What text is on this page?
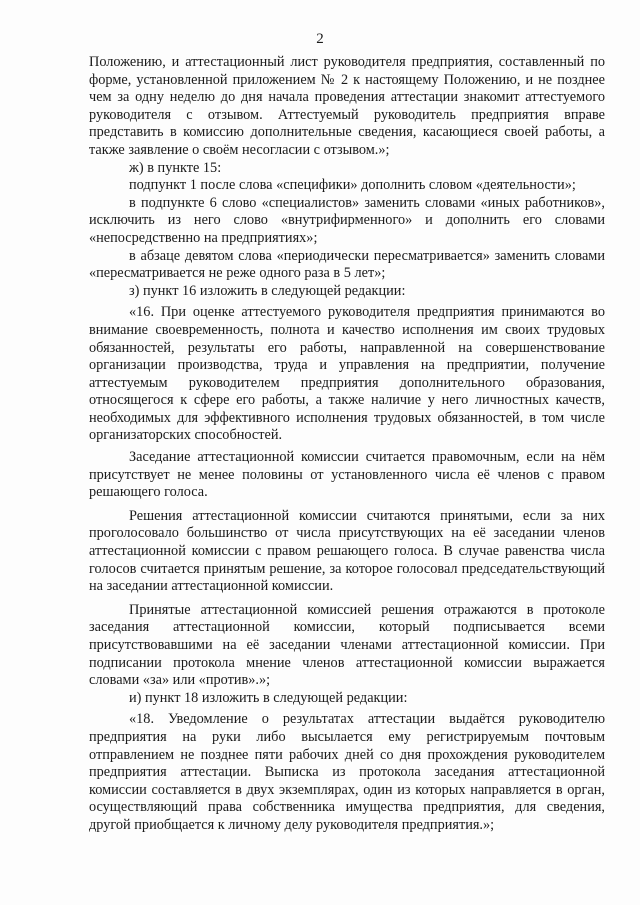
2

Положению, и аттестационный лист руководителя предприятия, составленный по форме, установленной приложением № 2 к настоящему Положению, и не позднее чем за одну неделю до дня начала проведения аттестации знакомит аттестуемого руководителя с отзывом. Аттестуемый руководитель предприятия вправе представить в комиссию дополнительные сведения, касающиеся своей работы, а также заявление о своём несогласии с отзывом.»;

ж) в пункте 15:

подпункт 1 после слова «специфики» дополнить словом «деятельности»;

в подпункте 6 слово «специалистов» заменить словами «иных работников», исключить из него слово «внутрифирменного» и дополнить его словами «непосредственно на предприятиях»;

в абзаце девятом слова «периодически пересматривается» заменить словами «пересматривается не реже одного раза в 5 лет»;

з) пункт 16 изложить в следующей редакции:

«16. При оценке аттестуемого руководителя предприятия принимаются во внимание своевременность, полнота и качество исполнения им своих трудовых обязанностей, результаты его работы, направленной на совершенствование организации производства, труда и управления на предприятии, получение аттестуемым руководителем предприятия дополнительного образования, относящегося к сфере его работы, а также наличие у него личностных качеств, необходимых для эффективного исполнения трудовых обязанностей, в том числе организаторских способностей.

Заседание аттестационной комиссии считается правомочным, если на нём присутствует не менее половины от установленного числа её членов с правом решающего голоса.

Решения аттестационной комиссии считаются принятыми, если за них проголосовало большинство от числа присутствующих на её заседании членов аттестационной комиссии с правом решающего голоса. В случае равенства числа голосов считается принятым решение, за которое голосовал председательствующий на заседании аттестационной комиссии.

Принятые аттестационной комиссией решения отражаются в протоколе заседания аттестационной комиссии, который подписывается всеми присутствовавшими на её заседании членами аттестационной комиссии. При подписании протокола мнение членов аттестационной комиссии выражается словами «за» или «против».»;

и) пункт 18 изложить в следующей редакции:

«18. Уведомление о результатах аттестации выдаётся руководителю предприятия на руки либо высылается ему регистрируемым почтовым отправлением не позднее пяти рабочих дней со дня прохождения руководителем предприятия аттестации. Выписка из протокола заседания аттестационной комиссии составляется в двух экземплярах, один из которых направляется в орган, осуществляющий права собственника имущества предприятия, для сведения, другой приобщается к личному делу руководителя предприятия.»;
